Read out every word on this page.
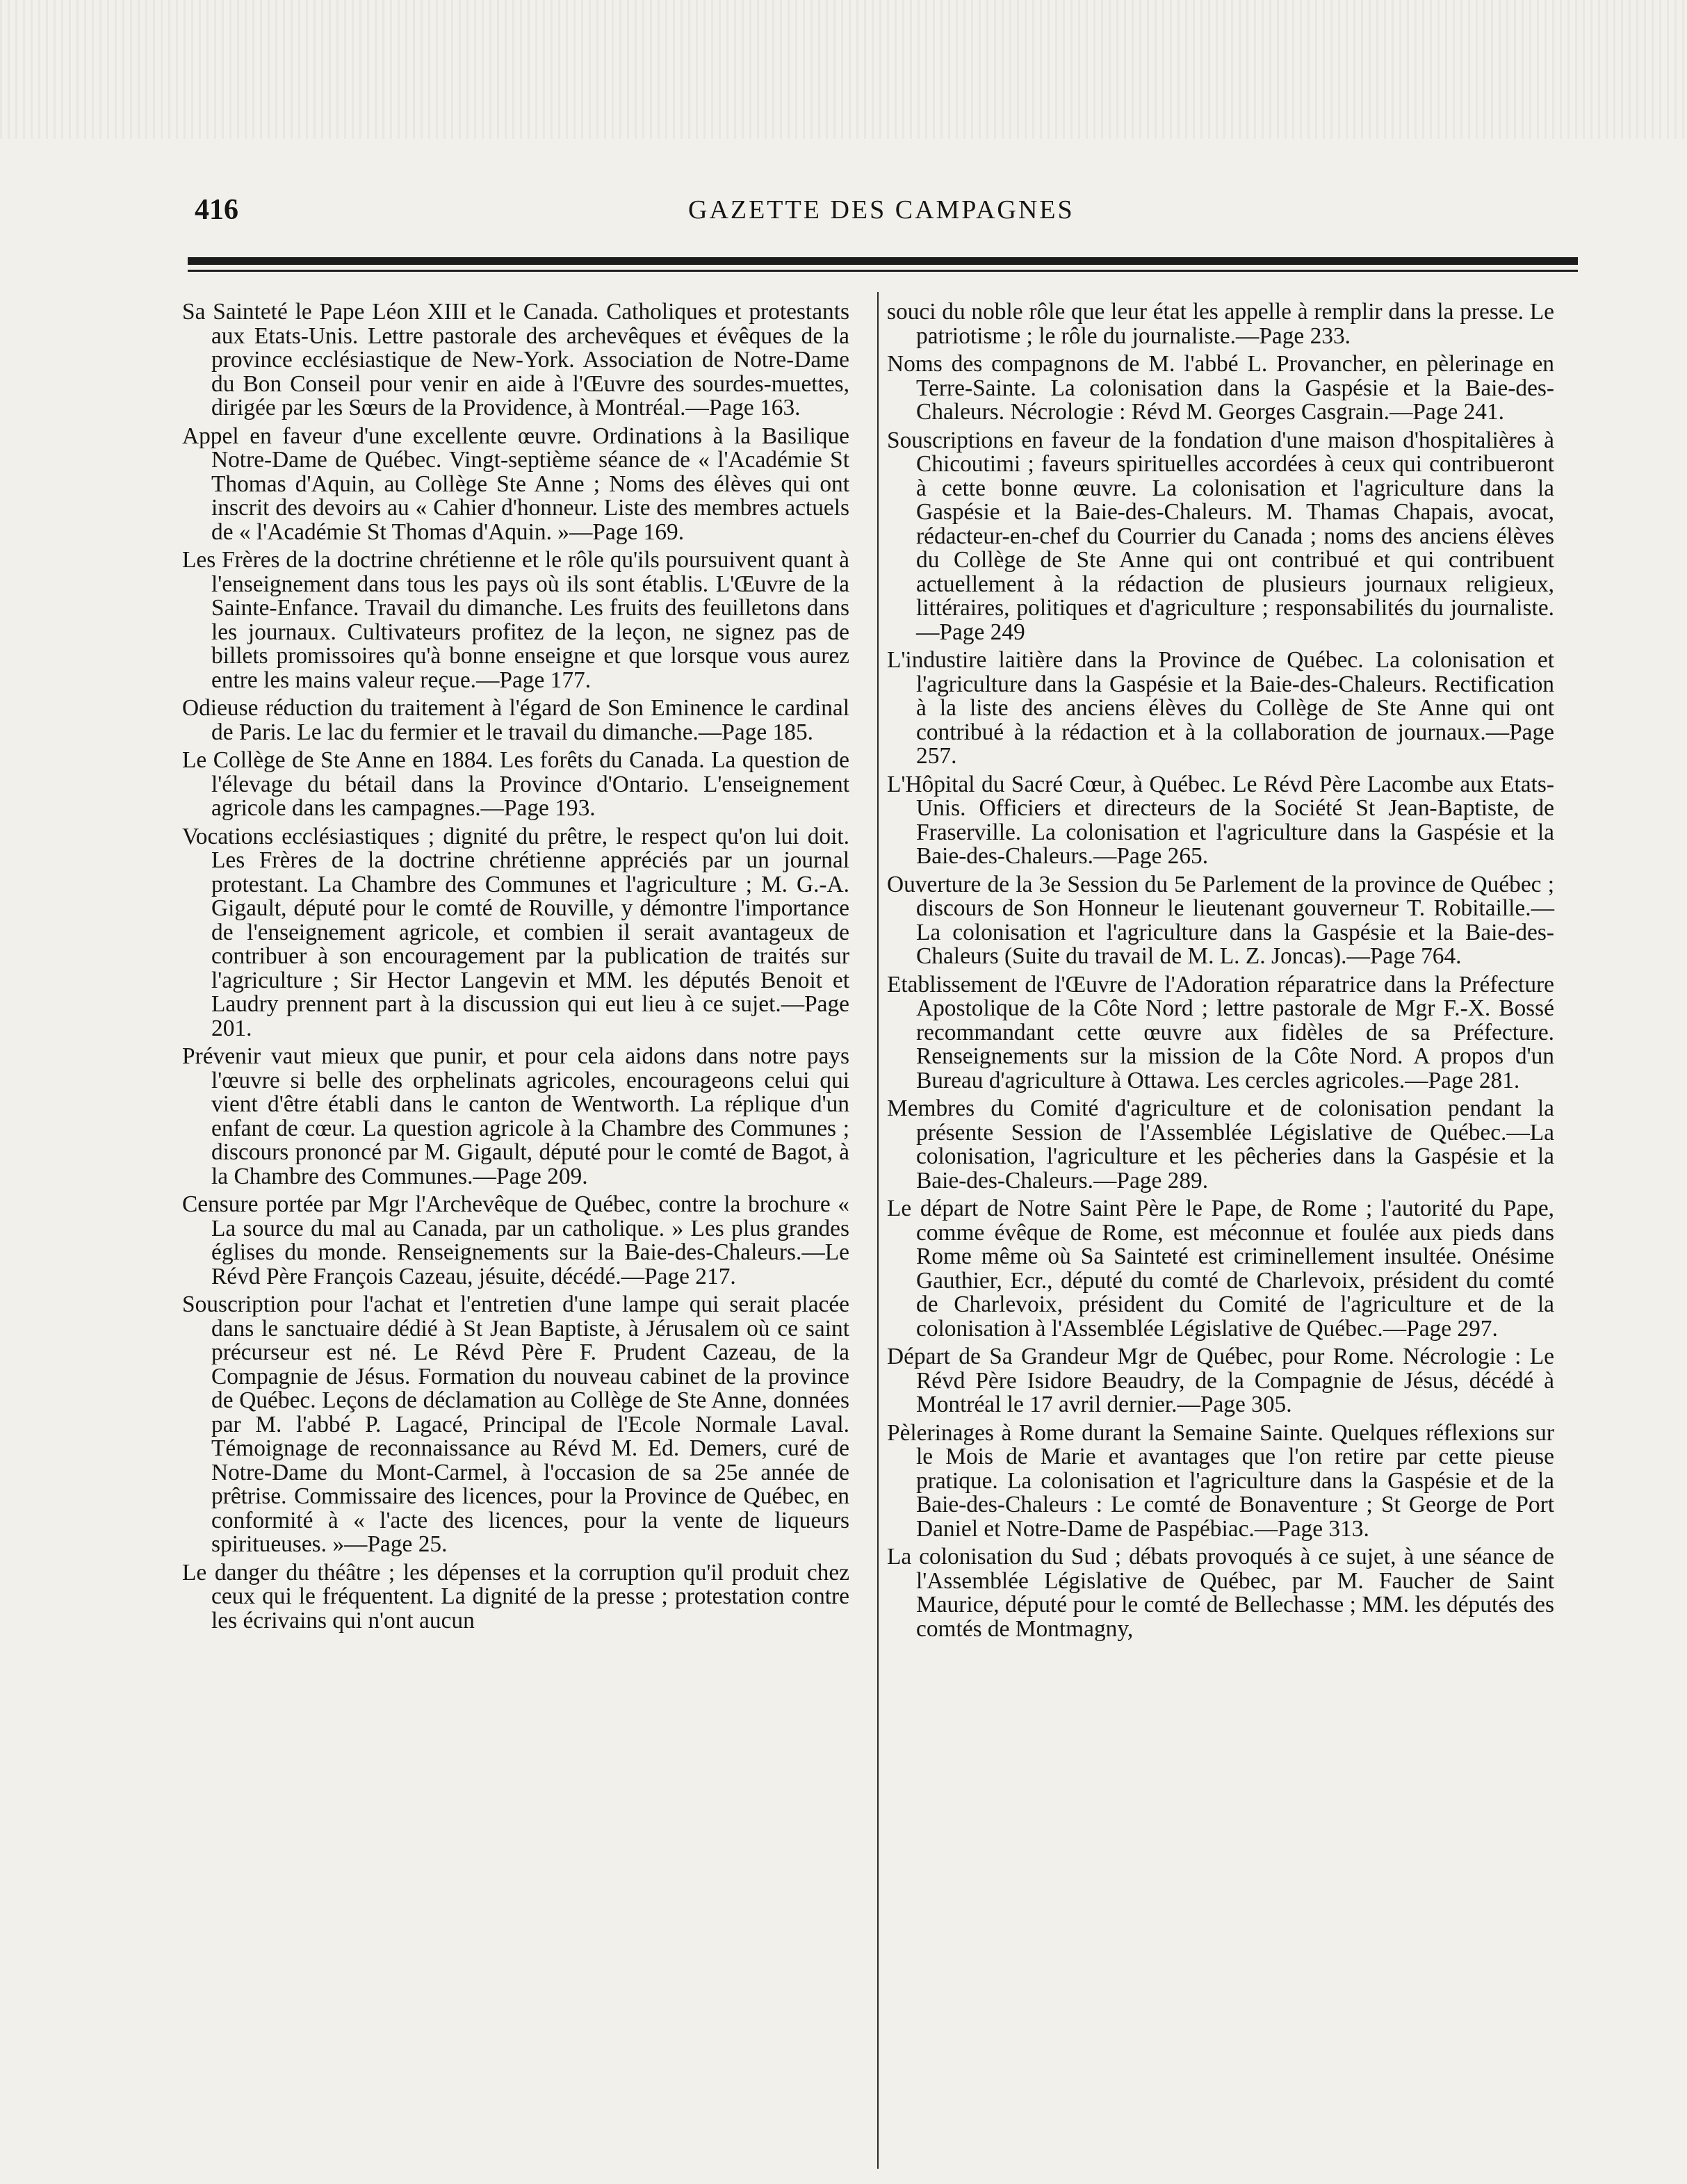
416	GAZETTE DES CAMPAGNES

Sa Sainteté le Pape Léon XIII et le Canada. Catholiques et protestants aux Etats-Unis. Lettre pastorale des archevêques et évêques de la province ecclésiastique de New-York. Association de Notre-Dame du Bon Conseil pour venir en aide à l'Œuvre des sourdes-muettes, dirigée par les Sœurs de la Providence, à Montréal.—Page 163.

Appel en faveur d'une excellente œuvre. Ordinations à la Basilique Notre-Dame de Québec. Vingt-septième séance de « l'Académie St Thomas d'Aquin, au Collège Ste Anne ; Noms des élèves qui ont inscrit des devoirs au « Cahier d'honneur. Liste des membres actuels de « l'Académie St Thomas d'Aquin. »—Page 169.

Les Frères de la doctrine chrétienne et le rôle qu'ils poursuivent quant à l'enseignement dans tous les pays où ils sont établis. L'Œuvre de la Sainte-Enfance. Travail du dimanche. Les fruits des feuilletons dans les journaux. Cultivateurs profitez de la leçon, ne signez pas de billets promissoires qu'à bonne enseigne et que lorsque vous aurez entre les mains valeur reçue.—Page 177.

Odieuse réduction du traitement à l'égard de Son Eminence le cardinal de Paris. Le lac du fermier et le travail du dimanche.—Page 185.

Le Collège de Ste Anne en 1884. Les forêts du Canada. La question de l'élevage du bétail dans la Province d'Ontario. L'enseignement agricole dans les campagnes.—Page 193.

Vocations ecclésiastiques ; dignité du prêtre, le respect qu'on lui doit. Les Frères de la doctrine chrétienne appréciés par un journal protestant. La Chambre des Communes et l'agriculture ; M. G.-A. Gigault, député pour le comté de Rouville, y démontre l'importance de l'enseignement agricole, et combien il serait avantageux de contribuer à son encouragement par la publication de traités sur l'agriculture ; Sir Hector Langevin et MM. les députés Benoit et Laudry prennent part à la discussion qui eut lieu à ce sujet.—Page 201.

Prévenir vaut mieux que punir, et pour cela aidons dans notre pays l'œuvre si belle des orphelinats agricoles, encourageons celui qui vient d'être établi dans le canton de Wentworth. La réplique d'un enfant de cœur. La question agricole à la Chambre des Communes ; discours prononcé par M. Gigault, député pour le comté de Bagot, à la Chambre des Communes.—Page 209.

Censure portée par Mgr l'Archevêque de Québec, contre la brochure « La source du mal au Canada, par un catholique. » Les plus grandes églises du monde. Renseignements sur la Baie-des-Chaleurs.—Le Révd Père François Cazeau, jésuite, décédé.—Page 217.

Souscription pour l'achat et l'entretien d'une lampe qui serait placée dans le sanctuaire dédié à St Jean Baptiste, à Jérusalem où ce saint précurseur est né. Le Révd Père F. Prudent Cazeau, de la Compagnie de Jésus. Formation du nouveau cabinet de la province de Québec. Leçons de déclamation au Collège de Ste Anne, données par M. l'abbé P. Lagacé, Principal de l'Ecole Normale Laval. Témoignage de reconnaissance au Révd M. Ed. Demers, curé de Notre-Dame du Mont-Carmel, à l'occasion de sa 25e année de prêtrise. Commissaire des licences, pour la Province de Québec, en conformité à « l'acte des licences, pour la vente de liqueurs spiritueuses. »—Page 25.

Le danger du théâtre ; les dépenses et la corruption qu'il produit chez ceux qui le fréquentent. La dignité de la presse ; protestation contre les écrivains qui n'ont aucun

souci du noble rôle que leur état les appelle à remplir dans la presse. Le patriotisme ; le rôle du journaliste.—Page 233.

Noms des compagnons de M. l'abbé L. Provancher, en pèlerinage en Terre-Sainte. La colonisation dans la Gaspésie et la Baie-des-Chaleurs. Nécrologie : Révd M. Georges Casgrain.—Page 241.

Souscriptions en faveur de la fondation d'une maison d'hospitalières à Chicoutimi ; faveurs spirituelles accordées à ceux qui contribueront à cette bonne œuvre. La colonisation et l'agriculture dans la Gaspésie et la Baie-des-Chaleurs. M. Thamas Chapais, avocat, rédacteur-en-chef du Courrier du Canada ; noms des anciens élèves du Collège de Ste Anne qui ont contribué et qui contribuent actuellement à la rédaction de plusieurs journaux religieux, littéraires, politiques et d'agriculture ; responsabilités du journaliste.—Page 249

L'industire laitière dans la Province de Québec. La colonisation et l'agriculture dans la Gaspésie et la Baie-des-Chaleurs. Rectification à la liste des anciens élèves du Collège de Ste Anne qui ont contribué à la rédaction et à la collaboration de journaux.—Page 257.

L'Hôpital du Sacré Cœur, à Québec. Le Révd Père Lacombe aux Etats-Unis. Officiers et directeurs de la Société St Jean-Baptiste, de Fraserville. La colonisation et l'agriculture dans la Gaspésie et la Baie-des-Chaleurs.—Page 265.

Ouverture de la 3e Session du 5e Parlement de la province de Québec ; discours de Son Honneur le lieutenant gouverneur T. Robitaille.—La colonisation et l'agriculture dans la Gaspésie et la Baie-des-Chaleurs (Suite du travail de M. L. Z. Joncas).—Page 764.

Etablissement de l'Œuvre de l'Adoration réparatrice dans la Préfecture Apostolique de la Côte Nord ; lettre pastorale de Mgr F.-X. Bossé recommandant cette œuvre aux fidèles de sa Préfecture. Renseignements sur la mission de la Côte Nord. A propos d'un Bureau d'agriculture à Ottawa. Les cercles agricoles.—Page 281.

Membres du Comité d'agriculture et de colonisation pendant la présente Session de l'Assemblée Législative de Québec.—La colonisation, l'agriculture et les pêcheries dans la Gaspésie et la Baie-des-Chaleurs.—Page 289.

Le départ de Notre Saint Père le Pape, de Rome ; l'autorité du Pape, comme évêque de Rome, est méconnue et foulée aux pieds dans Rome même où Sa Sainteté est criminellement insultée. Onésime Gauthier, Ecr., député du comté de Charlevoix, président du comté de Charlevoix, président du Comité de l'agriculture et de la colonisation à l'Assemblée Législative de Québec.—Page 297.

Départ de Sa Grandeur Mgr de Québec, pour Rome. Nécrologie : Le Révd Père Isidore Beaudry, de la Compagnie de Jésus, décédé à Montréal le 17 avril dernier.—Page 305.

Pèlerinages à Rome durant la Semaine Sainte. Quelques réflexions sur le Mois de Marie et avantages que l'on retire par cette pieuse pratique. La colonisation et l'agriculture dans la Gaspésie et de la Baie-des-Chaleurs : Le comté de Bonaventure ; St George de Port Daniel et Notre-Dame de Paspébiac.—Page 313.

La colonisation du Sud ; débats provoqués à ce sujet, à une séance de l'Assemblée Législative de Québec, par M. Faucher de Saint Maurice, député pour le comté de Bellechasse ; MM. les députés des comtés de Montmagny,
